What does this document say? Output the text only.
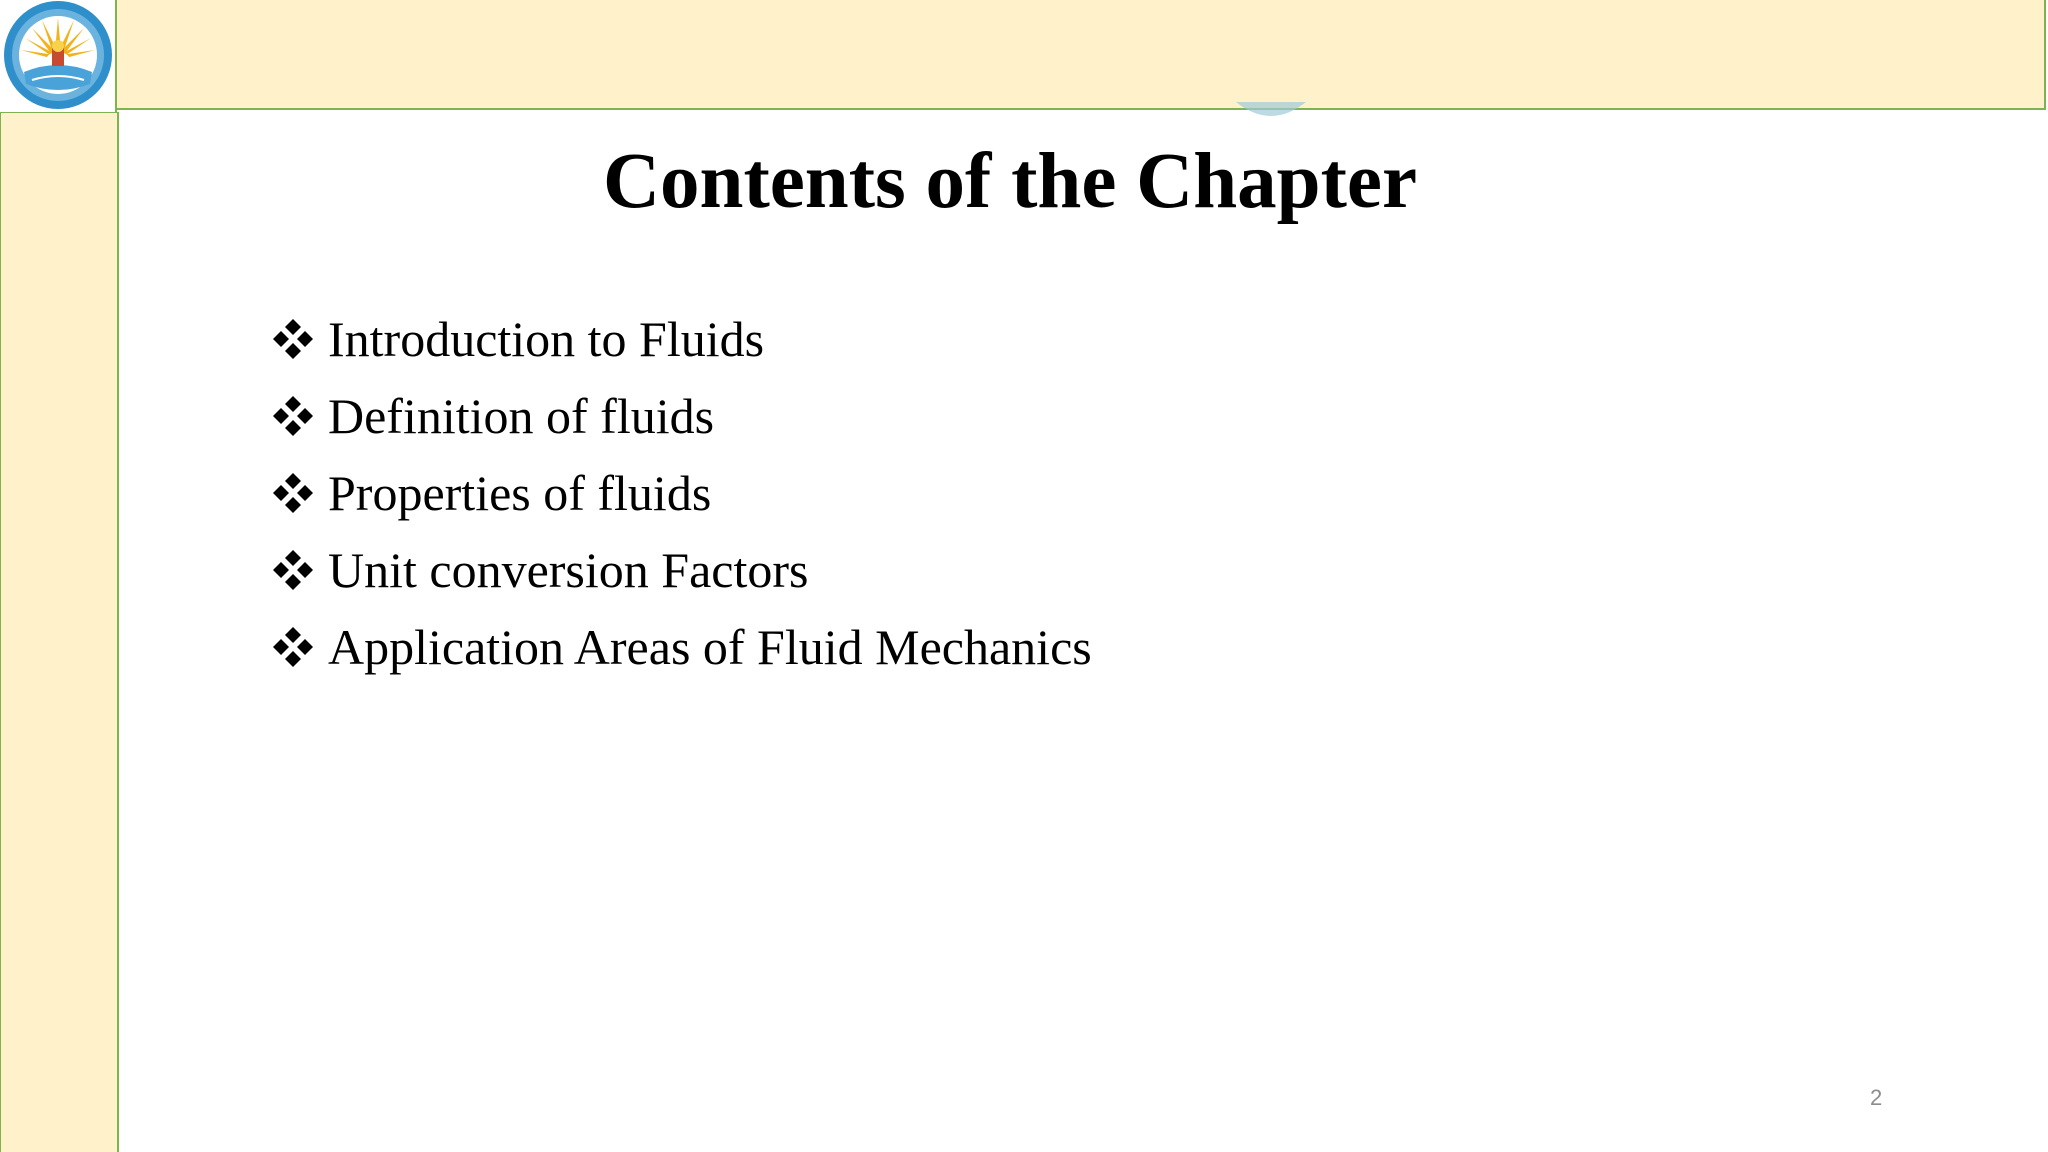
Contents of the Chapter
Introduction to Fluids
Definition of fluids
Properties of fluids
Unit conversion Factors
Application Areas of Fluid Mechanics
2
